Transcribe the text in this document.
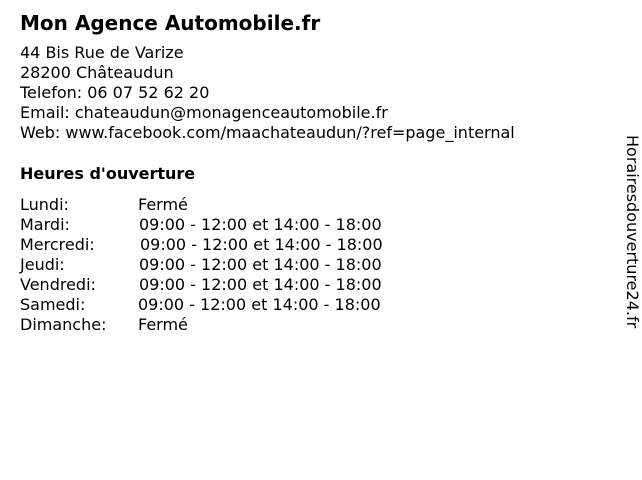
Mon Agence Automobile.fr
44 Bis Rue de Varize
28200 Châteaudun
Telefon: 06 07 52 62 20
Email: chateaudun@monagenceautomobile.fr
Web: www.facebook.com/maachateaudun/?ref=page_internal
Heures d'ouverture
Lundi:	Fermé
Mardi:	09:00 - 12:00 et 14:00 - 18:00
Mercredi:	09:00 - 12:00 et 14:00 - 18:00
Jeudi:	09:00 - 12:00 et 14:00 - 18:00
Vendredi:	09:00 - 12:00 et 14:00 - 18:00
Samedi:	09:00 - 12:00 et 14:00 - 18:00
Dimanche: Fermé	Horairesdouverture24.fr
